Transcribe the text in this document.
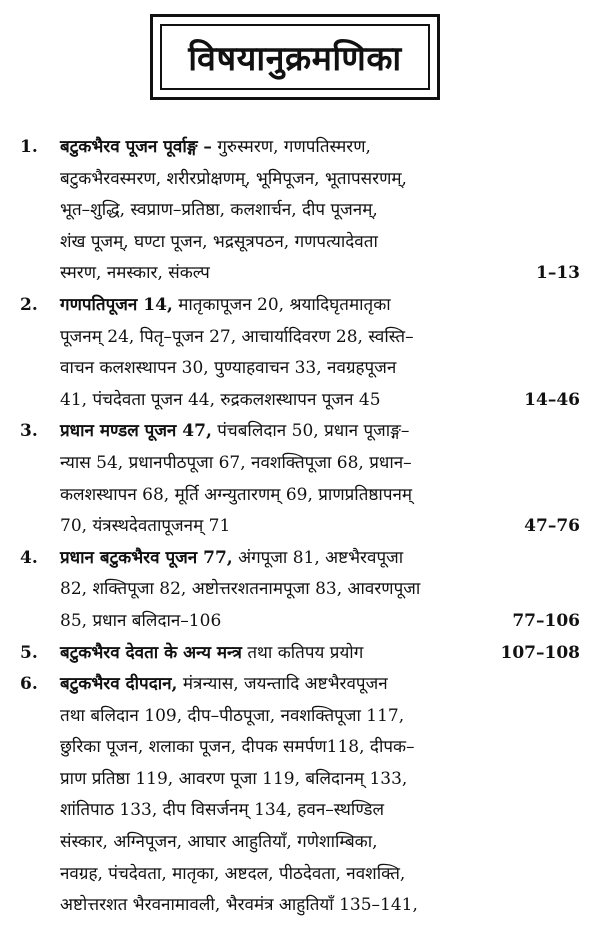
विषयानुक्रमणिका
1. बटुकभैरव पूजन पूर्वाङ्ग – गुरुस्मरण, गणपतिस्मरण,
बटुकभैरवस्मरण, शरीरप्रोक्षणम्, भूमिपूजन, भूतापसरणम्,
भूत–शुद्धि, स्वप्राण–प्रतिष्ठा, कलशार्चन, दीप पूजनम्,
शंख पूजम्, घण्टा पूजन, भद्रसूत्रपठन, गणपत्यादेवता
स्मरण, नमस्कार, संकल्प	1–13
2. गणपतिपूजन 14, मातृकापूजन 20, श्रयादिघृतमातृका
पूजनम् 24, पितृ–पूजन 27, आचार्यादिवरण 28, स्वस्ति–
वाचन कलशस्थापन 30, पुण्याहवाचन 33, नवग्रहपूजन
41, पंचदेवता पूजन 44, रुद्रकलशस्थापन पूजन 45	14–46
3. प्रधान मण्डल पूजन 47, पंचबलिदान 50, प्रधान पूजाङ्ग–
न्यास 54, प्रधानपीठपूजा 67, नवशक्तिपूजा 68, प्रधान–
कलशस्थापन 68, मूर्ति अग्न्युतारणम् 69, प्राणप्रतिष्ठापनम्
70, यंत्रस्थदेवतापूजनम् 71	47–76
4. प्रधान बटुकभैरव पूजन 77, अंगपूजा 81, अष्टभैरवपूजा
82, शक्तिपूजा 82, अष्टोत्तरशतनामपूजा 83, आवरणपूजा
85, प्रधान बलिदान–106	77–106
5. बटुकभैरव देवता के अन्य मन्त्र तथा कतिपय प्रयोग	107–108
6. बटुकभैरव दीपदान, मंत्रन्यास, जयन्तादि अष्टभैरवपूजन
तथा बलिदान 109, दीप–पीठपूजा, नवशक्तिपूजा 117,
छुरिका पूजन, शलाका पूजन, दीपक समर्पण118, दीपक–
प्राण प्रतिष्ठा 119, आवरण पूजा 119, बलिदानम् 133,
शांतिपाठ 133, दीप विसर्जनम् 134, हवन–स्थण्डिल
संस्कार, अग्निपूजन, आघार आहुतियाँ, गणेशाम्बिका,
नवग्रह, पंचदेवता, मातृका, अष्टदल, पीठदेवता, नवशक्ति,
अष्टोत्तरशत भैरवनामावली, भैरवमंत्र आहुतियाँ 135–141,
